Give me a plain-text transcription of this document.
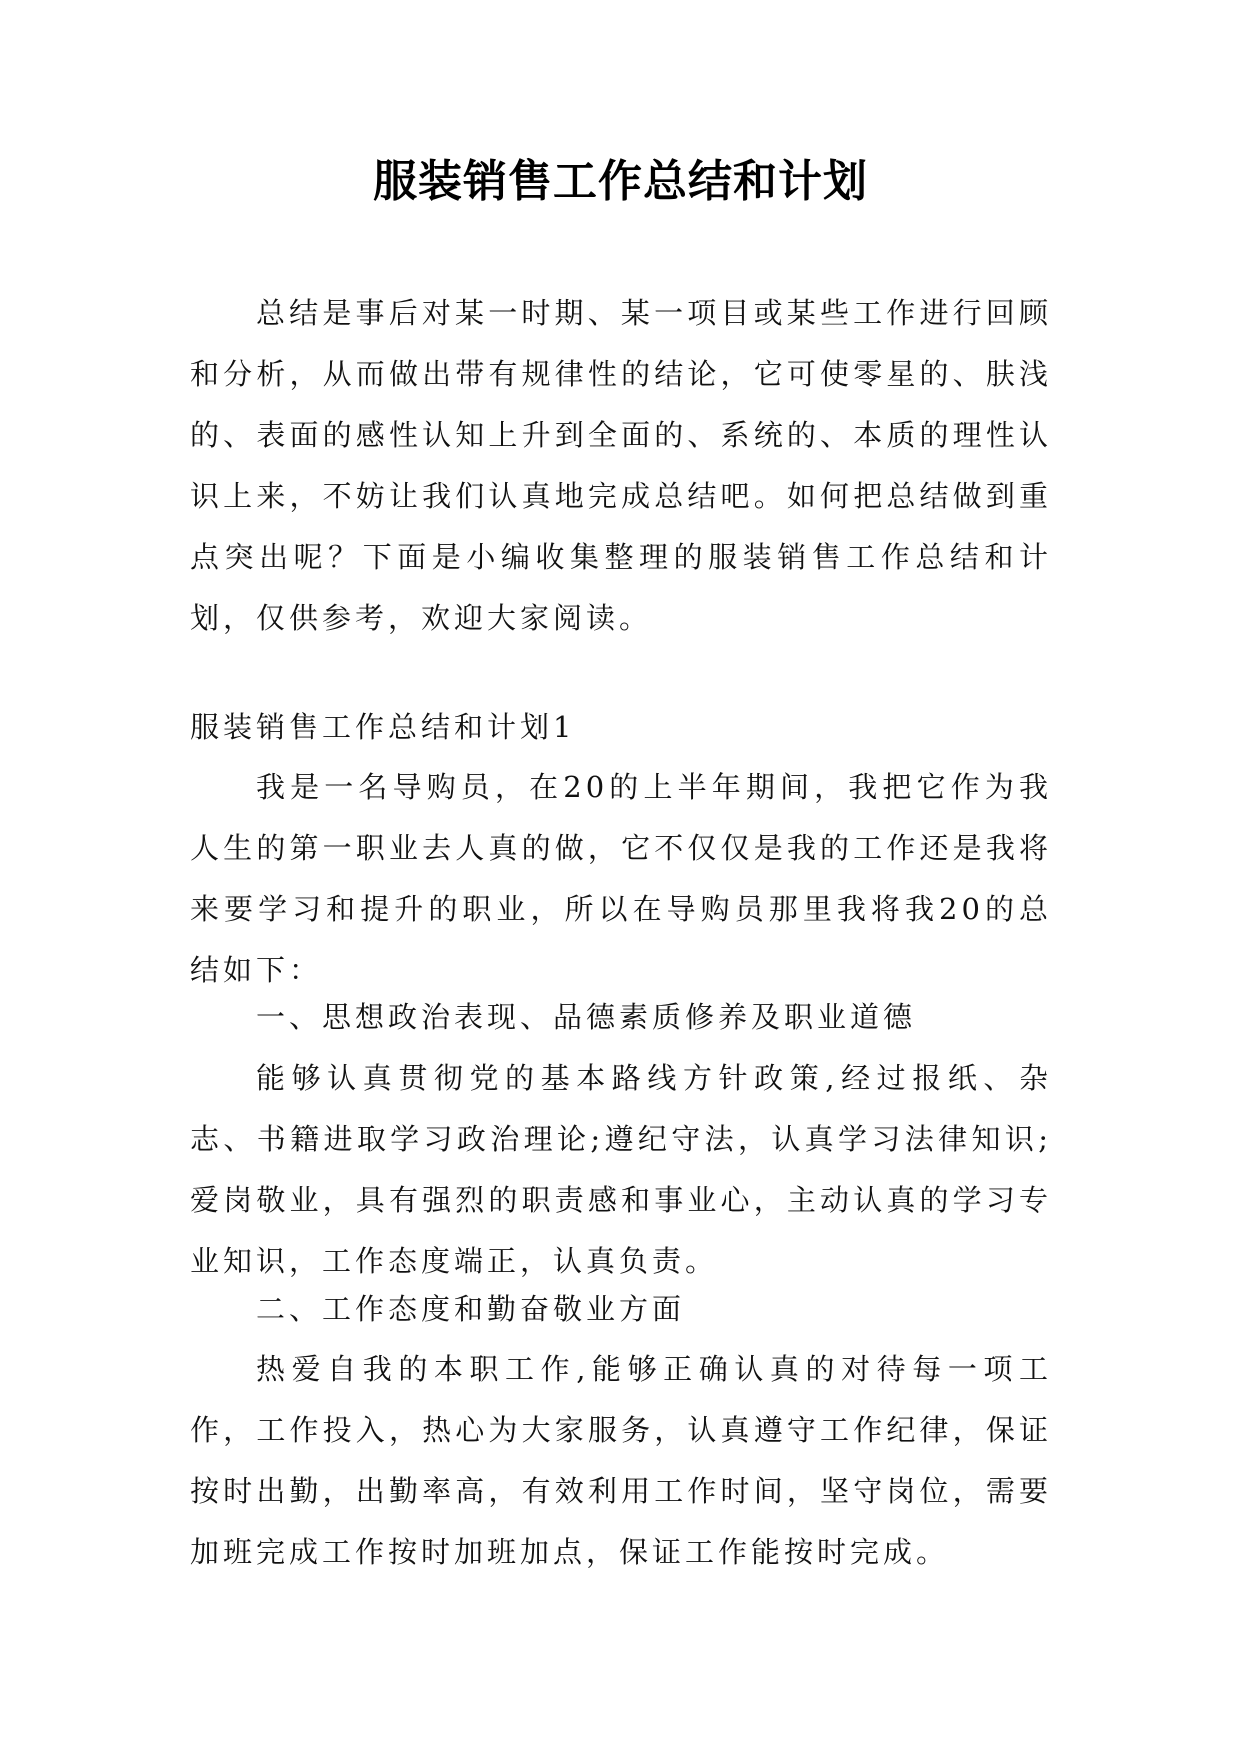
服装销售工作总结和计划

总结是事后对某一时期、某一项目或某些工作进行回顾和分析，从而做出带有规律性的结论，它可使零星的、肤浅的、表面的感性认知上升到全面的、系统的、本质的理性认识上来，不妨让我们认真地完成总结吧。如何把总结做到重点突出呢？下面是小编收集整理的服装销售工作总结和计划，仅供参考，欢迎大家阅读。

服装销售工作总结和计划1

我是一名导购员，在20的上半年期间，我把它作为我人生的第一职业去人真的做，它不仅仅是我的工作还是我将来要学习和提升的职业，所以在导购员那里我将我20的总结如下：

一、思想政治表现、品德素质修养及职业道德

能够认真贯彻党的基本路线方针政策,经过报纸、杂志、书籍进取学习政治理论;遵纪守法，认真学习法律知识;爱岗敬业，具有强烈的职责感和事业心，主动认真的学习专业知识，工作态度端正，认真负责。

二、工作态度和勤奋敬业方面

热爱自我的本职工作,能够正确认真的对待每一项工作，工作投入，热心为大家服务，认真遵守工作纪律，保证按时出勤，出勤率高，有效利用工作时间，坚守岗位，需要加班完成工作按时加班加点，保证工作能按时完成。
